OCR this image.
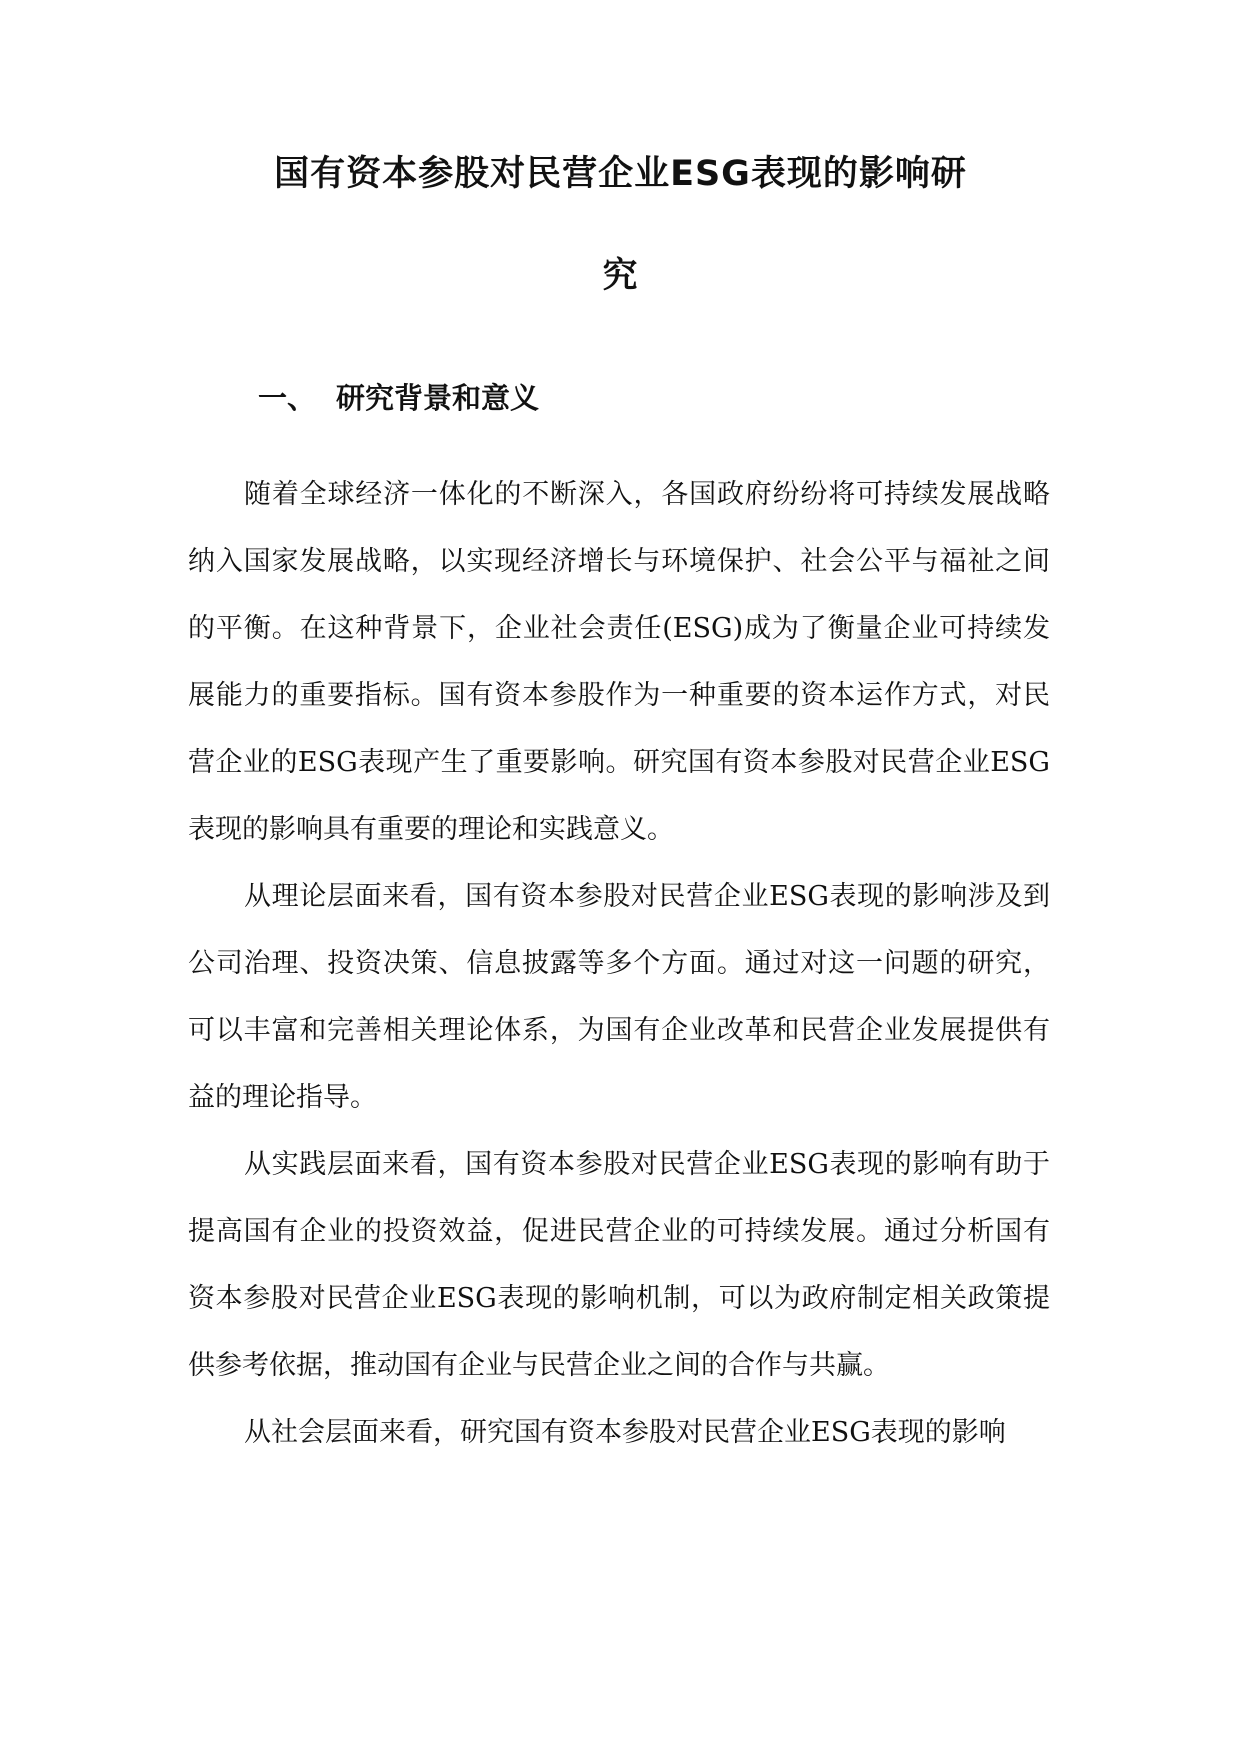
国有资本参股对民营企业ESG表现的影响研
究
一、 研究背景和意义

随着全球经济一体化的不断深入，各国政府纷纷将可持续发展战略纳入国家发展战略，以实现经济增长与环境保护、社会公平与福祉之间的平衡。在这种背景下，企业社会责任(ESG)成为了衡量企业可持续发展能力的重要指标。国有资本参股作为一种重要的资本运作方式，对民营企业的ESG表现产生了重要影响。研究国有资本参股对民营企业ESG表现的影响具有重要的理论和实践意义。

从理论层面来看，国有资本参股对民营企业ESG表现的影响涉及到公司治理、投资决策、信息披露等多个方面。通过对这一问题的研究，可以丰富和完善相关理论体系，为国有企业改革和民营企业发展提供有益的理论指导。

从实践层面来看，国有资本参股对民营企业ESG表现的影响有助于提高国有企业的投资效益，促进民营企业的可持续发展。通过分析国有资本参股对民营企业ESG表现的影响机制，可以为政府制定相关政策提供参考依据，推动国有企业与民营企业之间的合作与共赢。

从社会层面来看，研究国有资本参股对民营企业ESG表现的影响
